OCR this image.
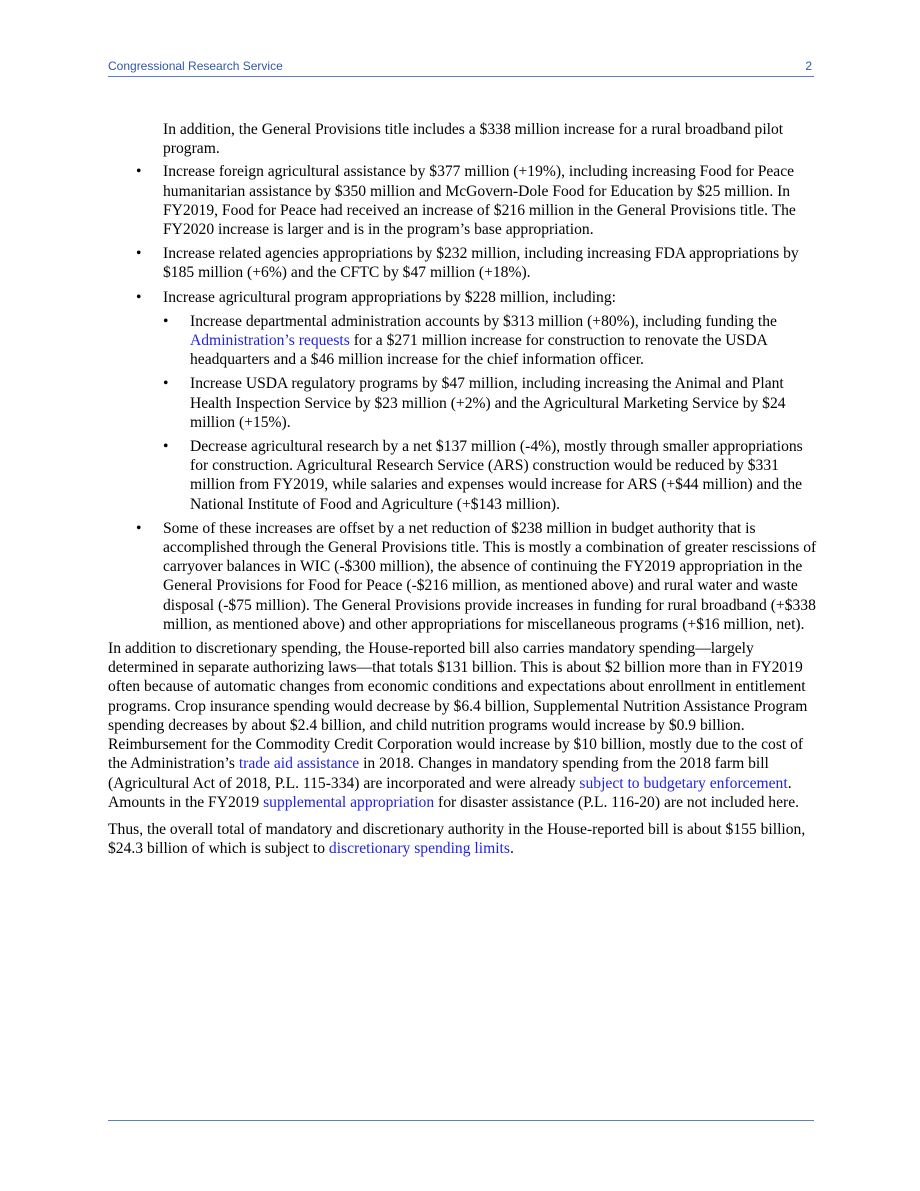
Congressional Research Service	2

In addition, the General Provisions title includes a $338 million increase for a rural broadband pilot program.

• Increase foreign agricultural assistance by $377 million (+19%), including increasing Food for Peace humanitarian assistance by $350 million and McGovern-Dole Food for Education by $25 million. In FY2019, Food for Peace had received an increase of $216 million in the General Provisions title. The FY2020 increase is larger and is in the program’s base appropriation.
• Increase related agencies appropriations by $232 million, including increasing FDA appropriations by $185 million (+6%) and the CFTC by $47 million (+18%).
• Increase agricultural program appropriations by $228 million, including:
• Increase departmental administration accounts by $313 million (+80%), including funding the Administration’s requests for a $271 million increase for construction to renovate the USDA headquarters and a $46 million increase for the chief information officer.
• Increase USDA regulatory programs by $47 million, including increasing the Animal and Plant Health Inspection Service by $23 million (+2%) and the Agricultural Marketing Service by $24 million (+15%).
• Decrease agricultural research by a net $137 million (-4%), mostly through smaller appropriations for construction. Agricultural Research Service (ARS) construction would be reduced by $331 million from FY2019, while salaries and expenses would increase for ARS (+$44 million) and the National Institute of Food and Agriculture (+$143 million).
• Some of these increases are offset by a net reduction of $238 million in budget authority that is accomplished through the General Provisions title. This is mostly a combination of greater rescissions of carryover balances in WIC (-$300 million), the absence of continuing the FY2019 appropriation in the General Provisions for Food for Peace (-$216 million, as mentioned above) and rural water and waste disposal (-$75 million). The General Provisions provide increases in funding for rural broadband (+$338 million, as mentioned above) and other appropriations for miscellaneous programs (+$16 million, net).

In addition to discretionary spending, the House-reported bill also carries mandatory spending—largely determined in separate authorizing laws—that totals $131 billion. This is about $2 billion more than in FY2019 often because of automatic changes from economic conditions and expectations about enrollment in entitlement programs. Crop insurance spending would decrease by $6.4 billion, Supplemental Nutrition Assistance Program spending decreases by about $2.4 billion, and child nutrition programs would increase by $0.9 billion. Reimbursement for the Commodity Credit Corporation would increase by $10 billion, mostly due to the cost of the Administration’s trade aid assistance in 2018. Changes in mandatory spending from the 2018 farm bill (Agricultural Act of 2018, P.L. 115-334) are incorporated and were already subject to budgetary enforcement. Amounts in the FY2019 supplemental appropriation for disaster assistance (P.L. 116-20) are not included here.

Thus, the overall total of mandatory and discretionary authority in the House-reported bill is about $155 billion, $24.3 billion of which is subject to discretionary spending limits.
